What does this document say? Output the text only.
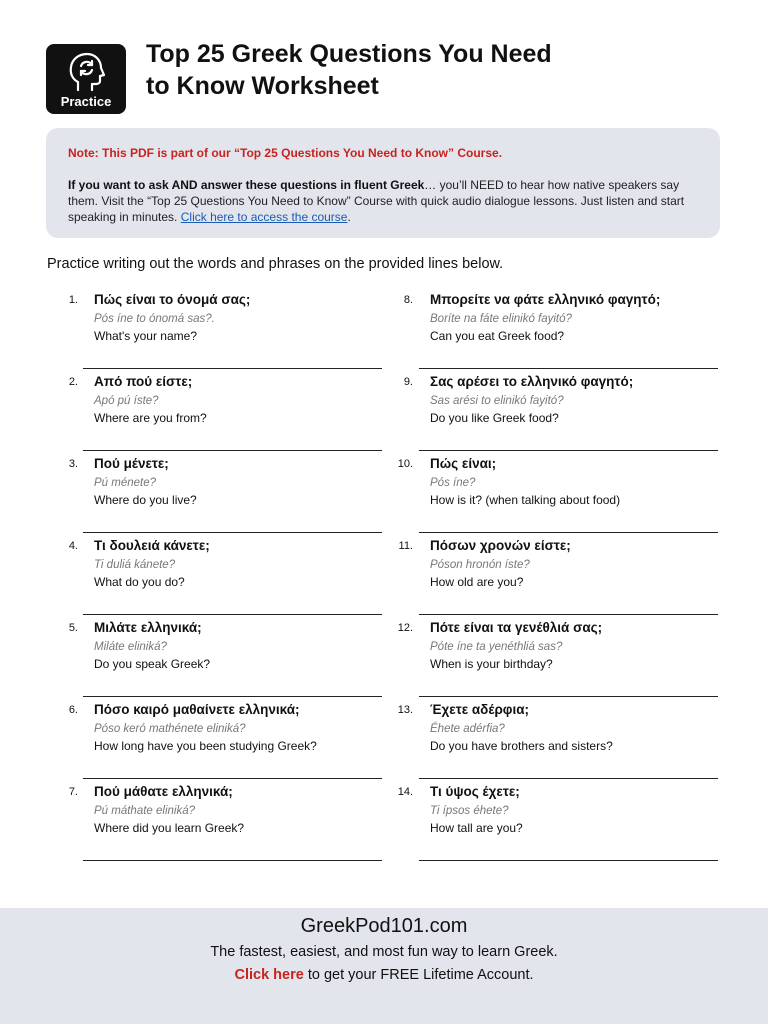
Practice
Top 25 Greek Questions You Need
to Know Worksheet
Note: This PDF is part of our “Top 25 Questions You Need to Know” Course.
If you want to ask AND answer these questions in fluent Greek… you’ll NEED to hear how native speakers say them. Visit the “Top 25 Questions You Need to Know” Course with quick audio dialogue lessons. Just listen and start speaking in minutes. Click here to access the course.
Practice writing out the words and phrases on the provided lines below.
1. Πώς είναι το όνομά σας;
Pós íne to ónomá sas?.
What's your name?
2. Από πού είστε;
Apó pú íste?
Where are you from?
3. Πού μένετε;
Pú ménete?
Where do you live?
4. Τι δουλειά κάνετε;
Ti duliá kánete?
What do you do?
5. Μιλάτε ελληνικά;
Miláte eliniká?
Do you speak Greek?
6. Πόσο καιρό μαθαίνετε ελληνικά;
Póso keró mathénete eliniká?
How long have you been studying Greek?
7. Πού μάθατε ελληνικά;
Pú máthate eliniká?
Where did you learn Greek?
8. Μπορείτε να φάτε ελληνικό φαγητό;
Boríte na fáte elinikó fayitó?
Can you eat Greek food?
9. Σας αρέσει το ελληνικό φαγητό;
Sas arési to elinikó fayitó?
Do you like Greek food?
10. Πώς είναι;
Pós íne?
How is it? (when talking about food)
11. Πόσων χρονών είστε;
Póson hronón íste?
How old are you?
12. Πότε είναι τα γενέθλιά σας;
Póte íne ta yenéthliá sas?
When is your birthday?
13. Έχετε αδέρφια;
Éhete adérfia?
Do you have brothers and sisters?
14. Τι ύψος έχετε;
Ti ípsos éhete?
How tall are you?
GreekPod101.com
The fastest, easiest, and most fun way to learn Greek.
Click here to get your FREE Lifetime Account.
